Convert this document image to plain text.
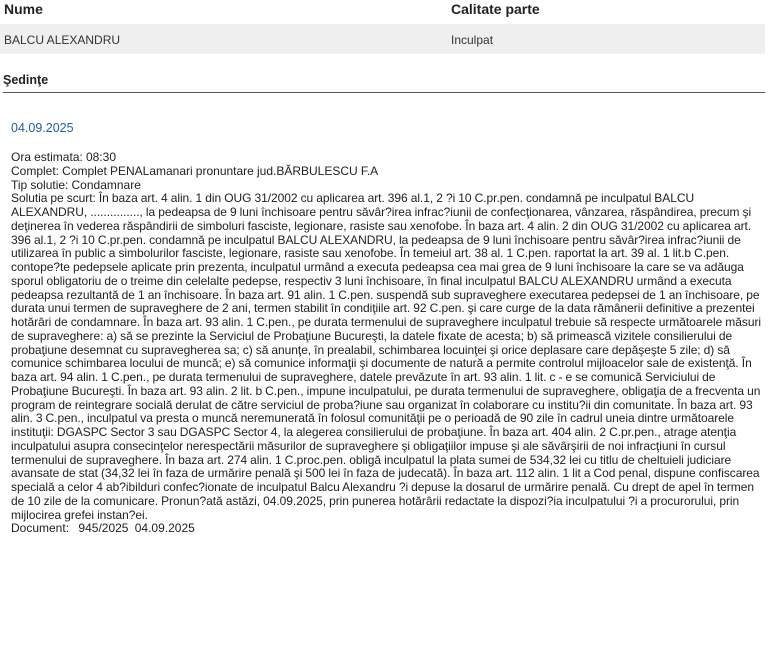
Nume	Calitate parte
BALCU ALEXANDRU	Inculpat
Şedinţe
04.09.2025
Ora estimata: 08:30
Complet: Complet PENALamanari pronuntare jud.BĂRBULESCU F.A
Tip solutie: Condamnare
Solutia pe scurt: În baza art. 4 alin. 1 din OUG 31/2002 cu aplicarea art. 396 al.1, 2 ?i 10 C.pr.pen. condamnă pe inculpatul BALCU ALEXANDRU, ..............., la pedeapsa de 9 luni închisoare pentru săvâr?irea infrac?iunii de confecţionarea, vânzarea, răspândirea, precum şi deţinerea în vederea răspândirii de simboluri fasciste, legionare, rasiste sau xenofobe. În baza art. 4 alin. 2 din OUG 31/2002 cu aplicarea art. 396 al.1, 2 ?i 10 C.pr.pen. condamnă pe inculpatul BALCU ALEXANDRU, la pedeapsa de 9 luni închisoare pentru săvâr?irea infrac?iunii de utilizarea în public a simbolurilor fasciste, legionare, rasiste sau xenofobe. În temeiul art. 38 al. 1 C.pen. raportat la art. 39 al. 1 lit.b C.pen. contope?te pedepsele aplicate prin prezenta, inculpatul urmând a executa pedeapsa cea mai grea de 9 luni închisoare la care se va adăuga sporul obligatoriu de o treime din celelalte pedepse, respectiv 3 luni închisoare, în final inculpatul BALCU ALEXANDRU urmând a executa pedeapsa rezultantă de 1 an închisoare. În baza art. 91 alin. 1 C.pen. suspendă sub supraveghere executarea pedepsei de 1 an închisoare, pe durata unui termen de supraveghere de 2 ani, termen stabilit în condiţiile art. 92 C.pen. şi care curge de la data rămânerii definitive a prezentei hotărâri de condamnare. În baza art. 93 alin. 1 C.pen., pe durata termenului de supraveghere inculpatul trebuie să respecte următoarele măsuri de supraveghere: a) să se prezinte la Serviciul de Probaţiune Bucureşti, la datele fixate de acesta; b) să primească vizitele consilierului de probaţiune desemnat cu supravegherea sa; c) să anunţe, în prealabil, schimbarea locuinţei şi orice deplasare care depăşeşte 5 zile; d) să comunice schimbarea locului de muncă; e) să comunice informaţii şi documente de natură a permite controlul mijloacelor sale de existenţă. În baza art. 94 alin. 1 C.pen., pe durata termenului de supraveghere, datele prevăzute în art. 93 alin. 1 lit. c - e se comunică Serviciului de Probaţiune Bucureşti. În baza art. 93 alin. 2 lit. b C.pen., impune inculpatului, pe durata termenului de supraveghere, obligaţia de a frecventa un program de reintegrare socială derulat de către serviciul de proba?iune sau organizat în colaborare cu institu?ii din comunitate. În baza art. 93 alin. 3 C.pen., inculpatul va presta o muncă neremunerată în folosul comunităţii pe o perioadă de 90 zile în cadrul uneia dintre următoarele instituţii: DGASPC Sector 3 sau DGASPC Sector 4, la alegerea consilierului de probaţiune. În baza art. 404 alin. 2 C.pr.pen., atrage atenţia inculpatului asupra consecinţelor nerespectării măsurilor de supraveghere şi obligaţiilor impuse şi ale săvârşirii de noi infracţiuni în cursul termenului de supraveghere. În baza art. 274 alin. 1 C.proc.pen. obligă inculpatul la plata sumei de 534,32 lei cu titlu de cheltuieli judiciare avansate de stat (34,32 lei în faza de urmărire penală şi 500 lei în faza de judecată). În baza art. 112 alin. 1 lit a Cod penal, dispune confiscarea specială a celor 4 ab?ibilduri confec?ionate de inculpatul Balcu Alexandru ?i depuse la dosarul de urmărire penală. Cu drept de apel în termen de 10 zile de la comunicare. Pronun?ată astăzi, 04.09.2025, prin punerea hotărârii redactate la dispozi?ia inculpatului ?i a procurorului, prin mijlocirea grefei instan?ei.
Document:   945/2025  04.09.2025
